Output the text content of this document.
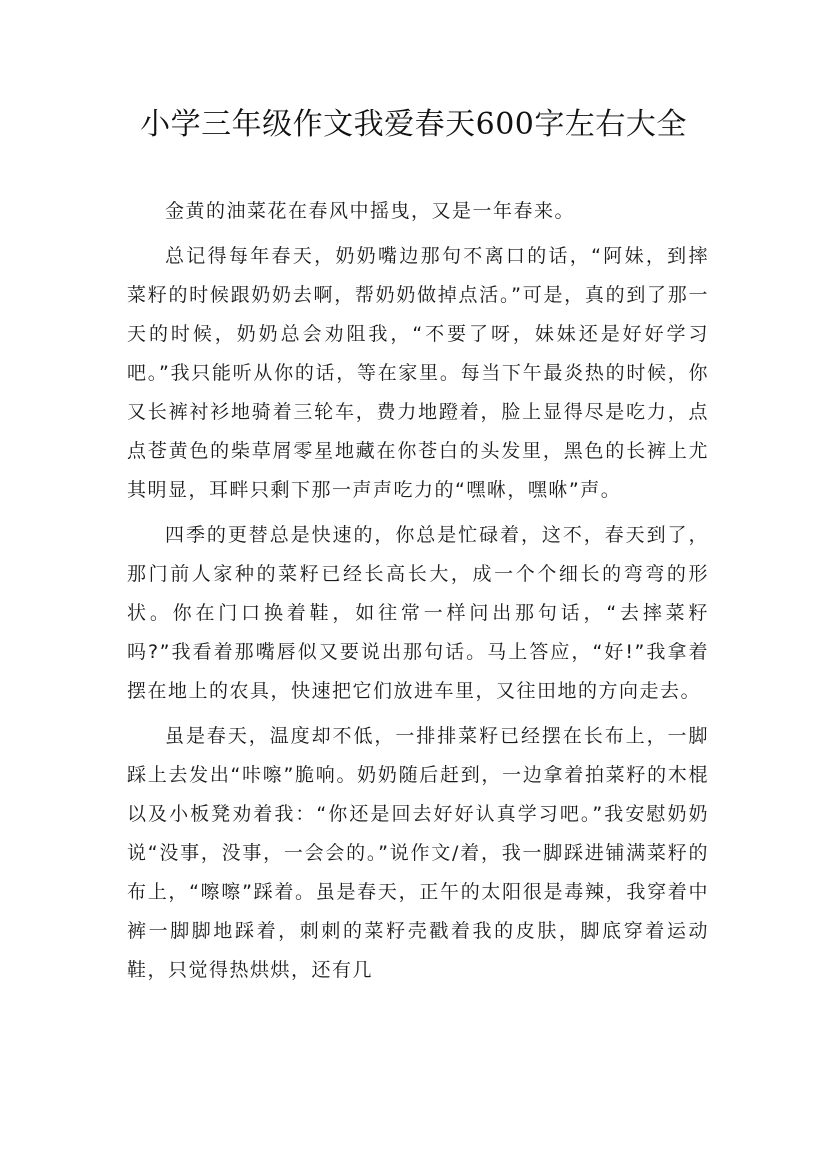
小学三年级作文我爱春天600字左右大全

金黄的油菜花在春风中摇曳，又是一年春来。

总记得每年春天，奶奶嘴边那句不离口的话，“阿妹，到摔菜籽的时候跟奶奶去啊，帮奶奶做掉点活。”可是，真的到了那一天的时候，奶奶总会劝阻我，“不要了呀，妹妹还是好好学习吧。”我只能听从你的话，等在家里。每当下午最炎热的时候，你又长裤衬衫地骑着三轮车，费力地蹬着，脸上显得尽是吃力，点点苍黄色的柴草屑零星地藏在你苍白的头发里，黑色的长裤上尤其明显，耳畔只剩下那一声声吃力的“嘿咻，嘿咻”声。

四季的更替总是快速的，你总是忙碌着，这不，春天到了，那门前人家种的菜籽已经长高长大，成一个个细长的弯弯的形状。你在门口换着鞋，如往常一样问出那句话，“去摔菜籽吗?”我看着那嘴唇似又要说出那句话。马上答应，“好!”我拿着摆在地上的农具，快速把它们放进车里，又往田地的方向走去。

虽是春天，温度却不低，一排排菜籽已经摆在长布上，一脚踩上去发出“咔嚓”脆响。奶奶随后赶到，一边拿着拍菜籽的木棍以及小板凳劝着我：“你还是回去好好认真学习吧。”我安慰奶奶说“没事，没事，一会会的。”说作文/着，我一脚踩进铺满菜籽的布上，“嚓嚓”踩着。虽是春天，正午的太阳很是毒辣，我穿着中裤一脚脚地踩着，刺刺的菜籽壳戳着我的皮肤，脚底穿着运动鞋，只觉得热烘烘，还有几
